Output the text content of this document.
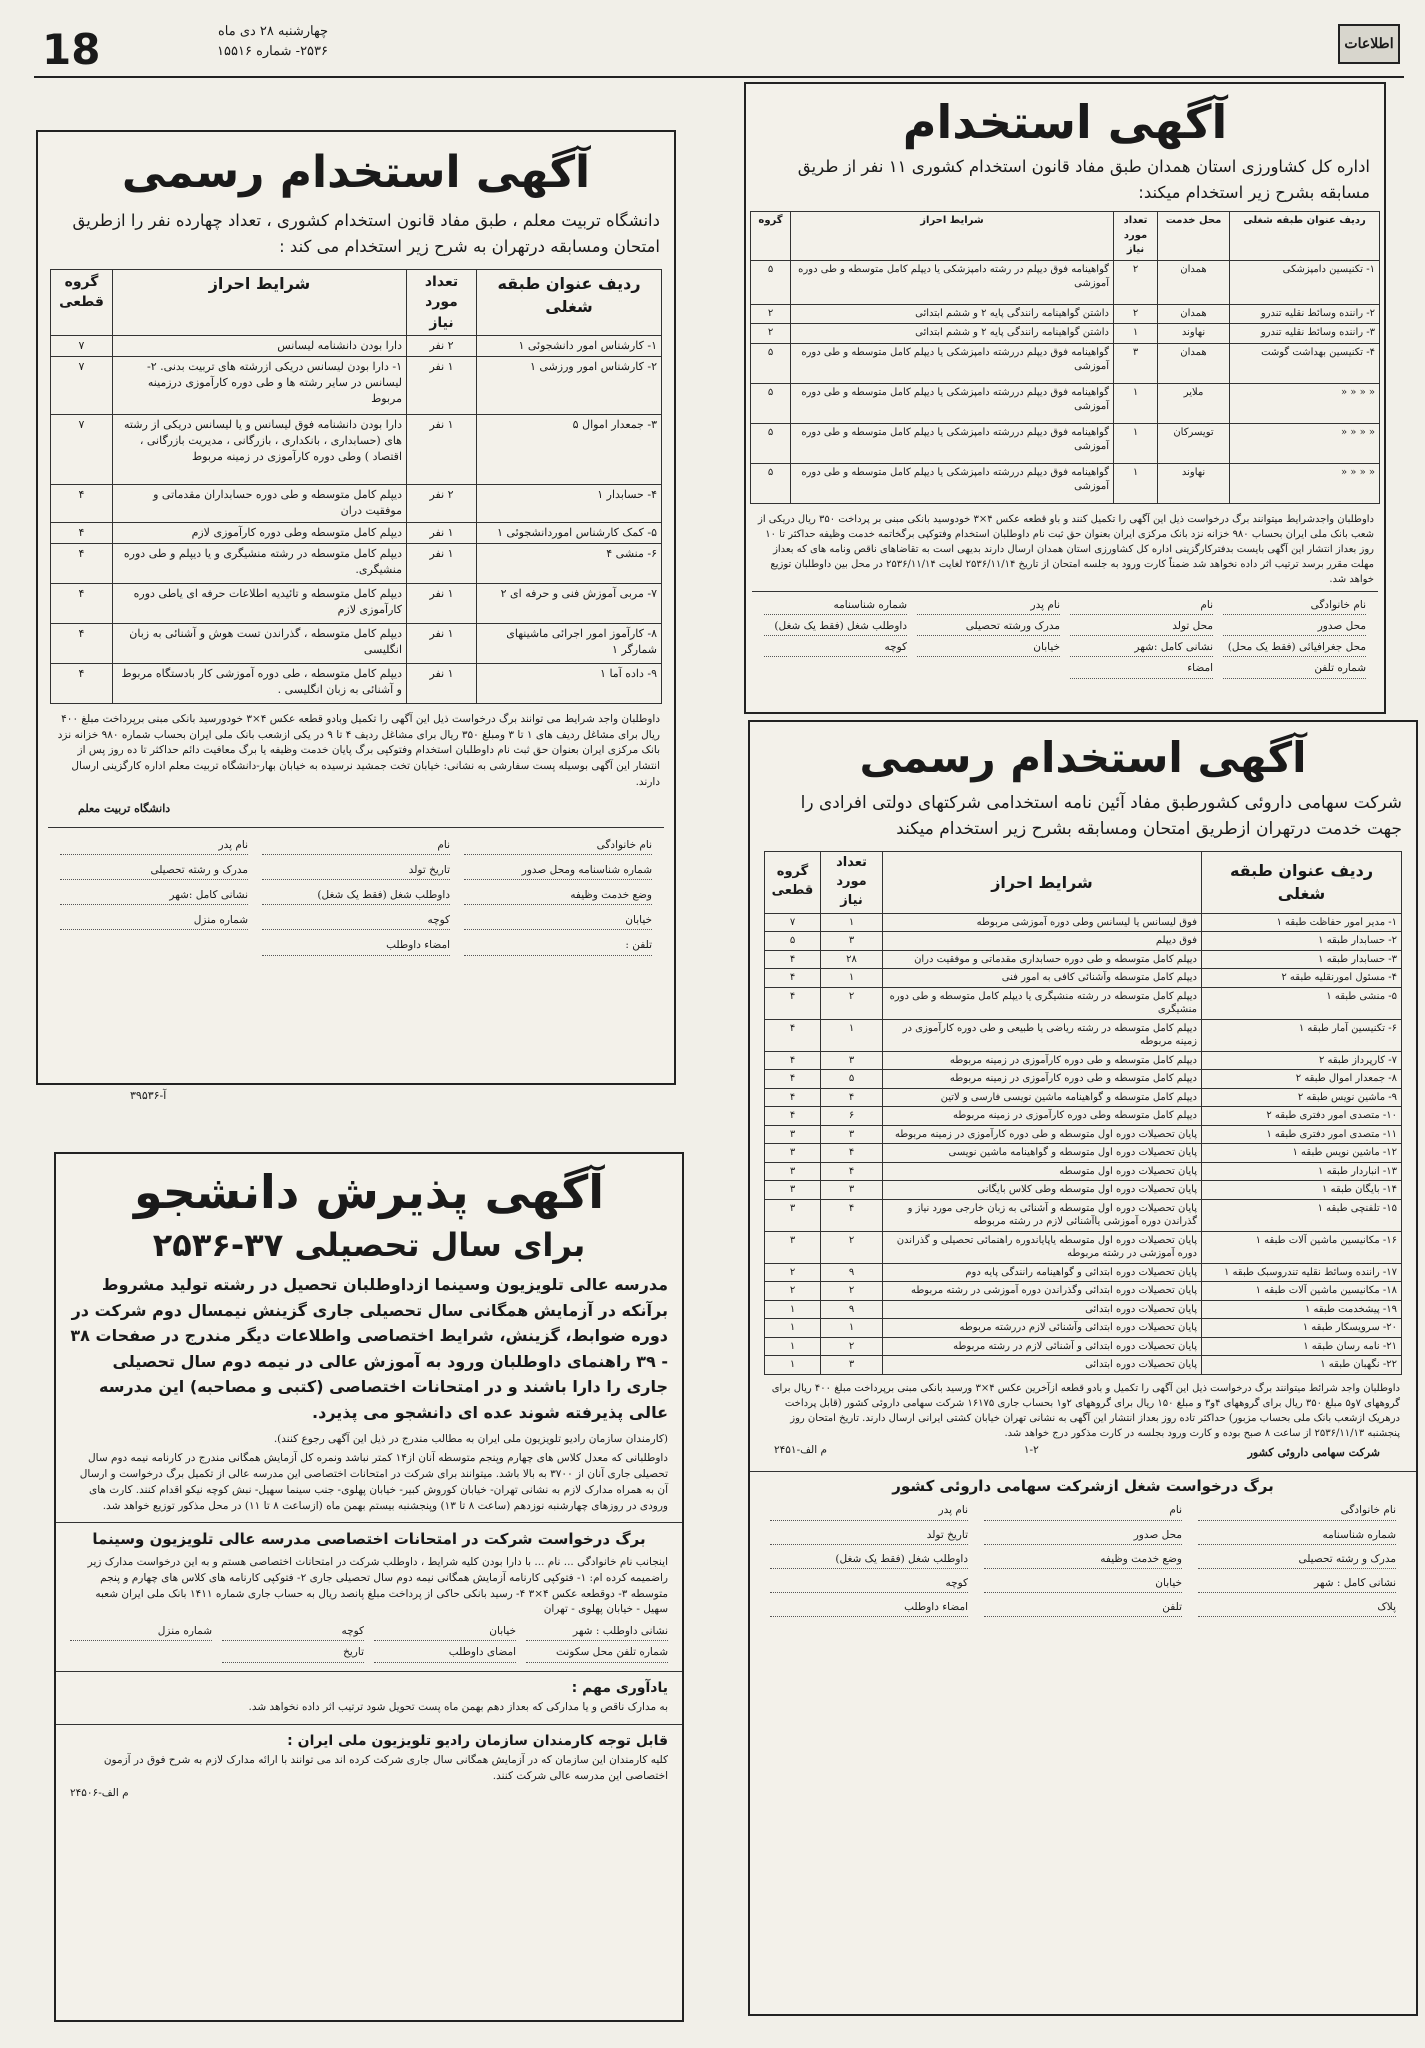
18	چهارشنبه ۲۸ دی ماه
۲۵۳۶- شماره ۱۵۵۱۶	اطلاعات
آگهی استخدام
اداره کل کشاورزی استان همدان طبق مفاد قانون استخدام کشوری ۱۱ نفر از طریق مسابقه بشرح زیر استخدام میکند:
ردیف عنوان طبقه شغلی	محل خدمت	تعداد مورد نیاز	شرایط احراز	گروه
۱- تکنیسین دامپزشکی	همدان	۲	گواهینامه فوق دیپلم در رشته دامپزشکی یا دیپلم کامل متوسطه و طی دوره آموزشی	۵
۲- راننده وسائط نقلیه تندرو	همدان	۲	داشتن گواهینامه رانندگی پایه ۲ و ششم ابتدائی	۲
۳- راننده وسائط نقلیه تندرو	نهاوند	۱	داشتن گواهینامه رانندگی پایه ۲ و ششم ابتدائی	۲
۴- تکنیسین بهداشت گوشت	همدان	۳	گواهینامه فوق دیپلم دررشته دامپزشکی یا دیپلم کامل متوسطه و طی دوره آموزشی	۵
« « « «	ملایر	۱	گواهینامه فوق دیپلم دررشته دامپزشکی یا دیپلم کامل متوسطه و طی دوره آموزشی	۵
« « « «	تویسرکان	۱	گواهینامه فوق دیپلم دررشته دامپزشکی یا دیپلم کامل متوسطه و طی دوره آموزشی	۵
« « « «	نهاوند	۱	گواهینامه فوق دیپلم دررشته دامپزشکی یا دیپلم کامل متوسطه و طی دوره آموزشی	۵
داوطلبان واجدشرایط میتوانند برگ درخواست ذیل این آگهی را تکمیل کنند و باو قطعه عکس ۴×۳ خودوسید بانکی مبنی بر پرداخت ۳۵۰ ریال دریکی از شعب بانک ملی ایران بحساب ۹۸۰ خزانه نزد بانک مرکزی ایران بعنوان حق ثبت نام داوطلبان استخدام وفتوکپی برگخاتمه خدمت وظیفه حداکثر تا ۱۰ روز بعداز انتشار این آگهی بایست بدفترکارگزینی اداره کل کشاورزی استان همدان ارسال دارند بدیهی است به تقاضاهای ناقص ونامه های که بعداز مهلت مقرر برسد ترتیب اثر داده نخواهد شد ضمناً کارت ورود به جلسه امتحان از تاریخ ۲۵۳۶/۱۱/۱۴ لغایت ۲۵۳۶/۱۱/۱۴ در محل بین داوطلبان توزیع خواهد شد.
نام خانوادگی
نام
نام پدر
شماره شناسنامه
محل صدور
محل تولد
مدرک ورشته تحصیلی
داوطلب شغل (فقط یک شغل)
محل جغرافیائی (فقط یک محل)
نشانی کامل :شهر
خیابان
کوچه
شماره تلفن
امضاء
آگهی استخدام رسمی
دانشگاه تربیت معلم ، طبق مفاد قانون استخدام کشوری ، تعداد چهارده نفر را ازطریق امتحان ومسابقه درتهران به شرح زیر استخدام می کند :
ردیف عنوان طبقه شغلی	تعداد مورد نیاز	شرایط احراز	گروه قطعی
۱- کارشناس امور دانشجوئی ۱	۲ نفر	دارا بودن دانشنامه لیسانس	۷
۲- کارشناس امور ورزشی ۱	۱ نفر	۱- دارا بودن لیسانس دریکی ازرشته های تربیت بدنی. ۲- لیسانس در سایر رشته ها و طی دوره کارآموزی درزمینه مربوط	۷
۳- جمعدار اموال ۵	۱ نفر	دارا بودن دانشنامه فوق لیسانس و یا لیسانس دریکی از رشته های (حسابداری ، بانکداری ، بازرگانی ، مدیریت بازرگانی ، اقتصاد ) وطی دوره کارآموزی در زمینه مربوط	۷
۴- حسابدار ۱	۲ نفر	دیپلم کامل متوسطه و طی دوره حسابداران مقدماتی و موفقیت دران	۴
۵- کمک کارشناس اموردانشجوئی ۱	۱ نفر	دیپلم کامل متوسطه وطی دوره کارآموزی لازم	۴
۶- منشی ۴	۱ نفر	دیپلم کامل متوسطه در رشته منشیگری و یا دیپلم و طی دوره منشیگری.	۴
۷- مربی آموزش فنی و حرفه ای ۲	۱ نفر	دیپلم کامل متوسطه و تائیدیه اطلاعات حرفه ای یاطی دوره کارآموزی لازم	۴
۸- کارآموز امور اجرائی ماشینهای شمارگر ۱	۱ نفر	دیپلم کامل متوسطه ، گذراندن تست هوش و آشنائی به زبان انگلیسی	۴
۹- داده آما ۱	۱ نفر	دیپلم کامل متوسطه ، طی دوره آموزشی کار بادستگاه مربوط و آشنائی به زبان انگلیسی .	۴
داوطلبان واجد شرایط می توانند برگ درخواست ذیل این آگهی را تکمیل وبادو قطعه عکس ۴×۳ خودورسید بانکی مبنی برپرداخت مبلغ ۴۰۰ ریال برای مشاغل ردیف های ۱ تا ۳ ومبلغ ۳۵۰ ریال برای مشاغل ردیف ۴ تا ۹ در یکی ازشعب بانک ملی ایران بحساب شماره ۹۸۰ خزانه نزد بانک مرکزی ایران بعنوان حق ثبت نام داوطلبان استخدام وفتوکپی برگ پایان خدمت وظیفه یا برگ معافیت دائم حداکثر تا ده روز پس از انتشار این آگهی بوسیله پست سفارشی به نشانی: خیابان تخت جمشید نرسیده به خیابان بهار-دانشگاه تربیت معلم اداره کارگزینی ارسال دارند.
دانشگاه تربیت معلم
نام خانوادگی
نام
نام پدر
شماره شناسنامه ومحل صدور
تاریخ تولد
مدرک و رشته تحصیلی
وضع خدمت وظیفه
داوطلب شغل (فقط یک شغل)
نشانی کامل :شهر
خیابان
کوچه
شماره منزل
تلفن :
امضاء داوطلب
آ-۳۹۵۳۶
آگهی استخدام رسمی
شرکت سهامی داروئی کشورطبق مفاد آئین نامه استخدامی شرکتهای دولتی افرادی را جهت خدمت درتهران ازطریق امتحان ومسابقه بشرح زیر استخدام میکند
ردیف عنوان طبقه شغلی	شرایط احراز	تعداد مورد نیاز	گروه قطعی
۱- مدیر امور حفاظت طبقه ۱	فوق لیسانس یا لیسانس وطی دوره آموزشی مربوطه	۱	۷
۲- حسابدار طبقه ۱	فوق دیپلم	۳	۵
۳- حسابدار طبقه ۱	دیپلم کامل متوسطه و طی دوره حسابداری مقدماتی و موفقیت دران	۲۸	۴
۴- مسئول امورنقلیه طبقه ۲	دیپلم کامل متوسطه وآشنائی کافی به امور فنی	۱	۴
۵- منشی طبقه ۱	دیپلم کامل متوسطه در رشته منشیگری یا دیپلم کامل متوسطه و طی دوره منشیگری	۲	۴
۶- تکنیسین آمار طبقه ۱	دیپلم کامل متوسطه در رشته ریاضی یا طبیعی و طی دوره کارآموزی در زمینه مربوطه	۱	۴
۷- کارپرداز طبقه ۲	دیپلم کامل متوسطه و طی دوره کارآموزی در زمینه مربوطه	۳	۴
۸- جمعدار اموال طبقه ۲	دیپلم کامل متوسطه و طی دوره کارآموزی در زمینه مربوطه	۵	۴
۹- ماشین نویس طبقه ۲	دیپلم کامل متوسطه و گواهینامه ماشین نویسی فارسی و لاتین	۴	۴
۱۰- متصدی امور دفتری طبقه ۲	دیپلم کامل متوسطه وطی دوره کارآموزی در زمینه مربوطه	۶	۴
۱۱- متصدی امور دفتری طبقه ۱	پایان تحصیلات دوره اول متوسطه و طی دوره کارآموزی در زمینه مربوطه	۳	۳
۱۲- ماشین نویس طبقه ۱	پایان تحصیلات دوره اول متوسطه و گواهینامه ماشین نویسی	۴	۳
۱۳- انباردار طبقه ۱	پایان تحصیلات دوره اول متوسطه	۴	۳
۱۴- بایگان طبقه ۱	پایان تحصیلات دوره اول متوسطه وطی کلاس بایگانی	۳	۳
۱۵- تلفنچی طبقه ۱	پایان تحصیلات دوره اول متوسطه و آشنائی به زبان خارجی مورد نیاز و گذراندن دوره آموزشی یاآشنائی لازم در رشته مربوطه	۴	۳
۱۶- مکانیسین ماشین آلات طبقه ۱	پایان تحصیلات دوره اول متوسطه یاپایاندوره راهنمائی تحصیلی و گذراندن دوره آموزشی در رشته مربوطه	۲	۳
۱۷- راننده وسائط نقلیه تندروسبک طبقه ۱	پایان تحصیلات دوره ابتدائی و گواهینامه رانندگی پایه دوم	۹	۲
۱۸- مکانیسین ماشین آلات طبقه ۱	پایان تحصیلات دوره ابتدائی وگذراندن دوره آموزشی در رشته مربوطه	۲	۲
۱۹- پیشخدمت طبقه ۱	پایان تحصیلات دوره ابتدائی	۹	۱
۲۰- سرویسکار طبقه ۱	پایان تحصیلات دوره ابتدائی وآشنائی لازم دررشته مربوطه	۱	۱
۲۱- نامه رسان طبقه ۱	پایان تحصیلات دوره ابتدائی و آشنائی لازم در رشته مربوطه	۲	۱
۲۲- نگهبان طبقه ۱	پایان تحصیلات دوره ابتدائی	۳	۱
داوطلبان واجد شرائط میتوانند برگ درخواست ذیل این آگهی را تکمیل و بادو قطعه ازآخرین عکس ۴×۳ ورسید بانکی مبنی برپرداخت مبلغ ۴۰۰ ریال برای گروههای ۷و۵ مبلغ ۳۵۰ ریال برای گروههای ۴و۳ و مبلغ ۱۵۰ ریال برای گروههای ۲و۱ بحساب جاری ۱۶۱۷۵ شرکت سهامی داروئی کشور (قابل پرداخت درهریک ازشعب بانک ملی بحساب مزبور) حداکثر تاده روز بعداز انتشار این آگهی به نشانی تهران خیابان کشتی ایرانی ارسال دارند. تاریخ امتحان روز پنجشنبه ۲۵۳۶/۱۱/۱۳ از ساعت ۸ صبح بوده و کارت ورود بجلسه در کارت مذکور درج خواهد شد.
شرکت سهامی داروئی کشور
۱-۲
م الف-۲۴۵۱
برگ درخواست شغل ازشرکت سهامی داروئی کشور
نام خانوادگی
نام
نام پدر
شماره شناسنامه
محل صدور
تاریخ تولد
مدرک و رشته تحصیلی
وضع خدمت وظیفه
داوطلب شغل (فقط یک شغل)
نشانی کامل : شهر
خیابان
کوچه
پلاک
تلفن
امضاء داوطلب
آگهی پذیرش دانشجو
برای سال تحصیلی ۳۷-۲۵۳۶
مدرسه عالی تلویزیون وسینما ازداوطلبان تحصیل در رشته تولید مشروط برآنکه در آزمایش همگانی سال تحصیلی جاری گزینش نیمسال دوم شرکت در دوره ضوابط، گزینش، شرایط اختصاصی واطلاعات دیگر مندرج در صفحات ۳۸ - ۳۹ راهنمای داوطلبان ورود به آموزش عالی در نیمه دوم سال تحصیلی جاری را دارا باشند و در امتحانات اختصاصی (کتبی و مصاحبه) این مدرسه عالی پذیرفته شوند عده ای دانشجو می پذیرد.
(کارمندان سازمان رادیو تلویزیون ملی ایران به مطالب مندرج در ذیل این آگهی رجوع کنند).
داوطلبانی که معدل کلاس های چهارم وپنجم متوسطه آنان از۱۴ کمتر نباشد ونمره کل آزمایش همگانی مندرج در کارنامه نیمه دوم سال تحصیلی جاری آنان از ۳۷۰۰ به بالا باشد. میتوانند برای شرکت در امتحانات اختصاصی این مدرسه عالی از تکمیل برگ درخواست و ارسال آن به همراه مدارک لازم به نشانی تهران- خیابان کوروش کبیر- خیابان پهلوی- جنب سینما سهیل- نبش کوچه نیکو اقدام کنند. کارت های ورودی در روزهای چهارشنبه نوزدهم (ساعت ۸ تا ۱۳) وپنجشنبه بیستم بهمن ماه (ازساعت ۸ تا ۱۱) در محل مذکور توزیع خواهد شد.
برگ درخواست شرکت در امتحانات اختصاصی مدرسه عالی تلویزیون وسینما
اینجانب نام خانوادگی ... نام ... با دارا بودن کلیه شرایط ، داوطلب شرکت در امتحانات اختصاصی هستم و به این درخواست مدارک زیر راضمیمه کرده ام: ۱- فتوکپی کارنامه آزمایش همگانی نیمه دوم سال تحصیلی جاری ۲- فتوکپی کارنامه های کلاس های چهارم و پنجم متوسطه ۳- دوقطعه عکس ۴×۳ ۴- رسید بانکی حاکی از پرداخت مبلغ پانصد ریال به حساب جاری شماره ۱۴۱۱ بانک ملی ایران شعبه سهیل - خیابان پهلوی - تهران
نشانی داوطلب : شهر
خیابان
کوچه
شماره منزل
شماره تلفن محل سکونت
امضای داوطلب
تاریخ
یادآوری مهم :
به مدارک ناقص و یا مدارکی که بعداز دهم بهمن ماه پست تحویل شود ترتیب اثر داده نخواهد شد.
قابل توجه کارمندان سازمان رادیو تلویزیون ملی ایران :
کلیه کارمندان این سازمان که در آزمایش همگانی سال جاری شرکت کرده اند می توانند با ارائه مدارک لازم به شرح فوق در آزمون اختصاصی این مدرسه عالی شرکت کنند.
م الف-۲۴۵۰۶
